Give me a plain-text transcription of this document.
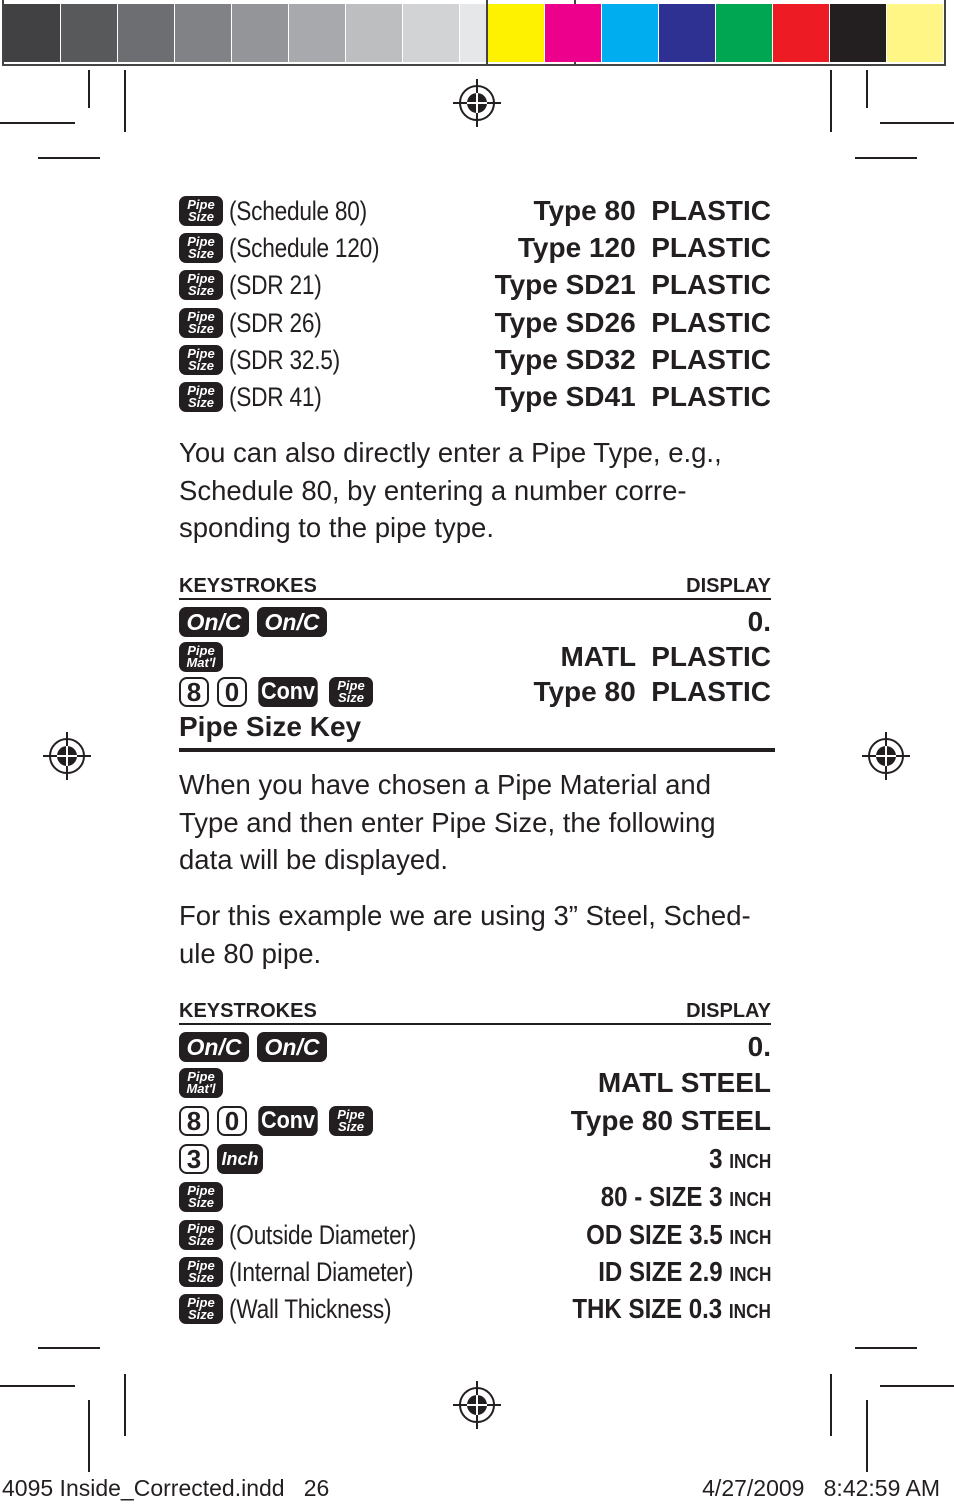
Pipe
Size (Schedule 80)	Type 80  PLASTIC
Pipe
Size (Schedule 120)	Type 120  PLASTIC
Pipe
Size (SDR 21)	Type SD21  PLASTIC
Pipe
Size (SDR 26)	Type SD26  PLASTIC
Pipe
Size (SDR 32.5)	Type SD32  PLASTIC
Pipe
Size (SDR 41)	Type SD41  PLASTIC
You can also directly enter a Pipe Type, e.g.,
Schedule 80, by entering a number corre-
sponding to the pipe type.
KEYSTROKES	DISPLAY
On/C	On/C	0.
Pipe
Mat'l	MATL  PLASTIC
8 0 Conv Pipe
Size	Type 80  PLASTIC
Pipe Size Key
When you have chosen a Pipe Material and
Type and then enter Pipe Size, the following
data will be displayed.
For this example we are using 3” Steel, Sched-
ule 80 pipe.
KEYSTROKES	DISPLAY
On/C	On/C	0.
Pipe
Mat'l	MATL STEEL
8 0 Conv Pipe
Size	Type 80 STEEL
3	Inch	3 INCH
Pipe
Size	80 - SIZE 3 INCH
Pipe
Size (Outside Diameter)	OD SIZE 3.5 INCH
Pipe
Size (Internal Diameter)	ID SIZE 2.9 INCH
Pipe
Size (Wall Thickness)	THK SIZE 0.3 INCH
4095 Inside_Corrected.indd   26	4/27/2009   8:42:59 AM
